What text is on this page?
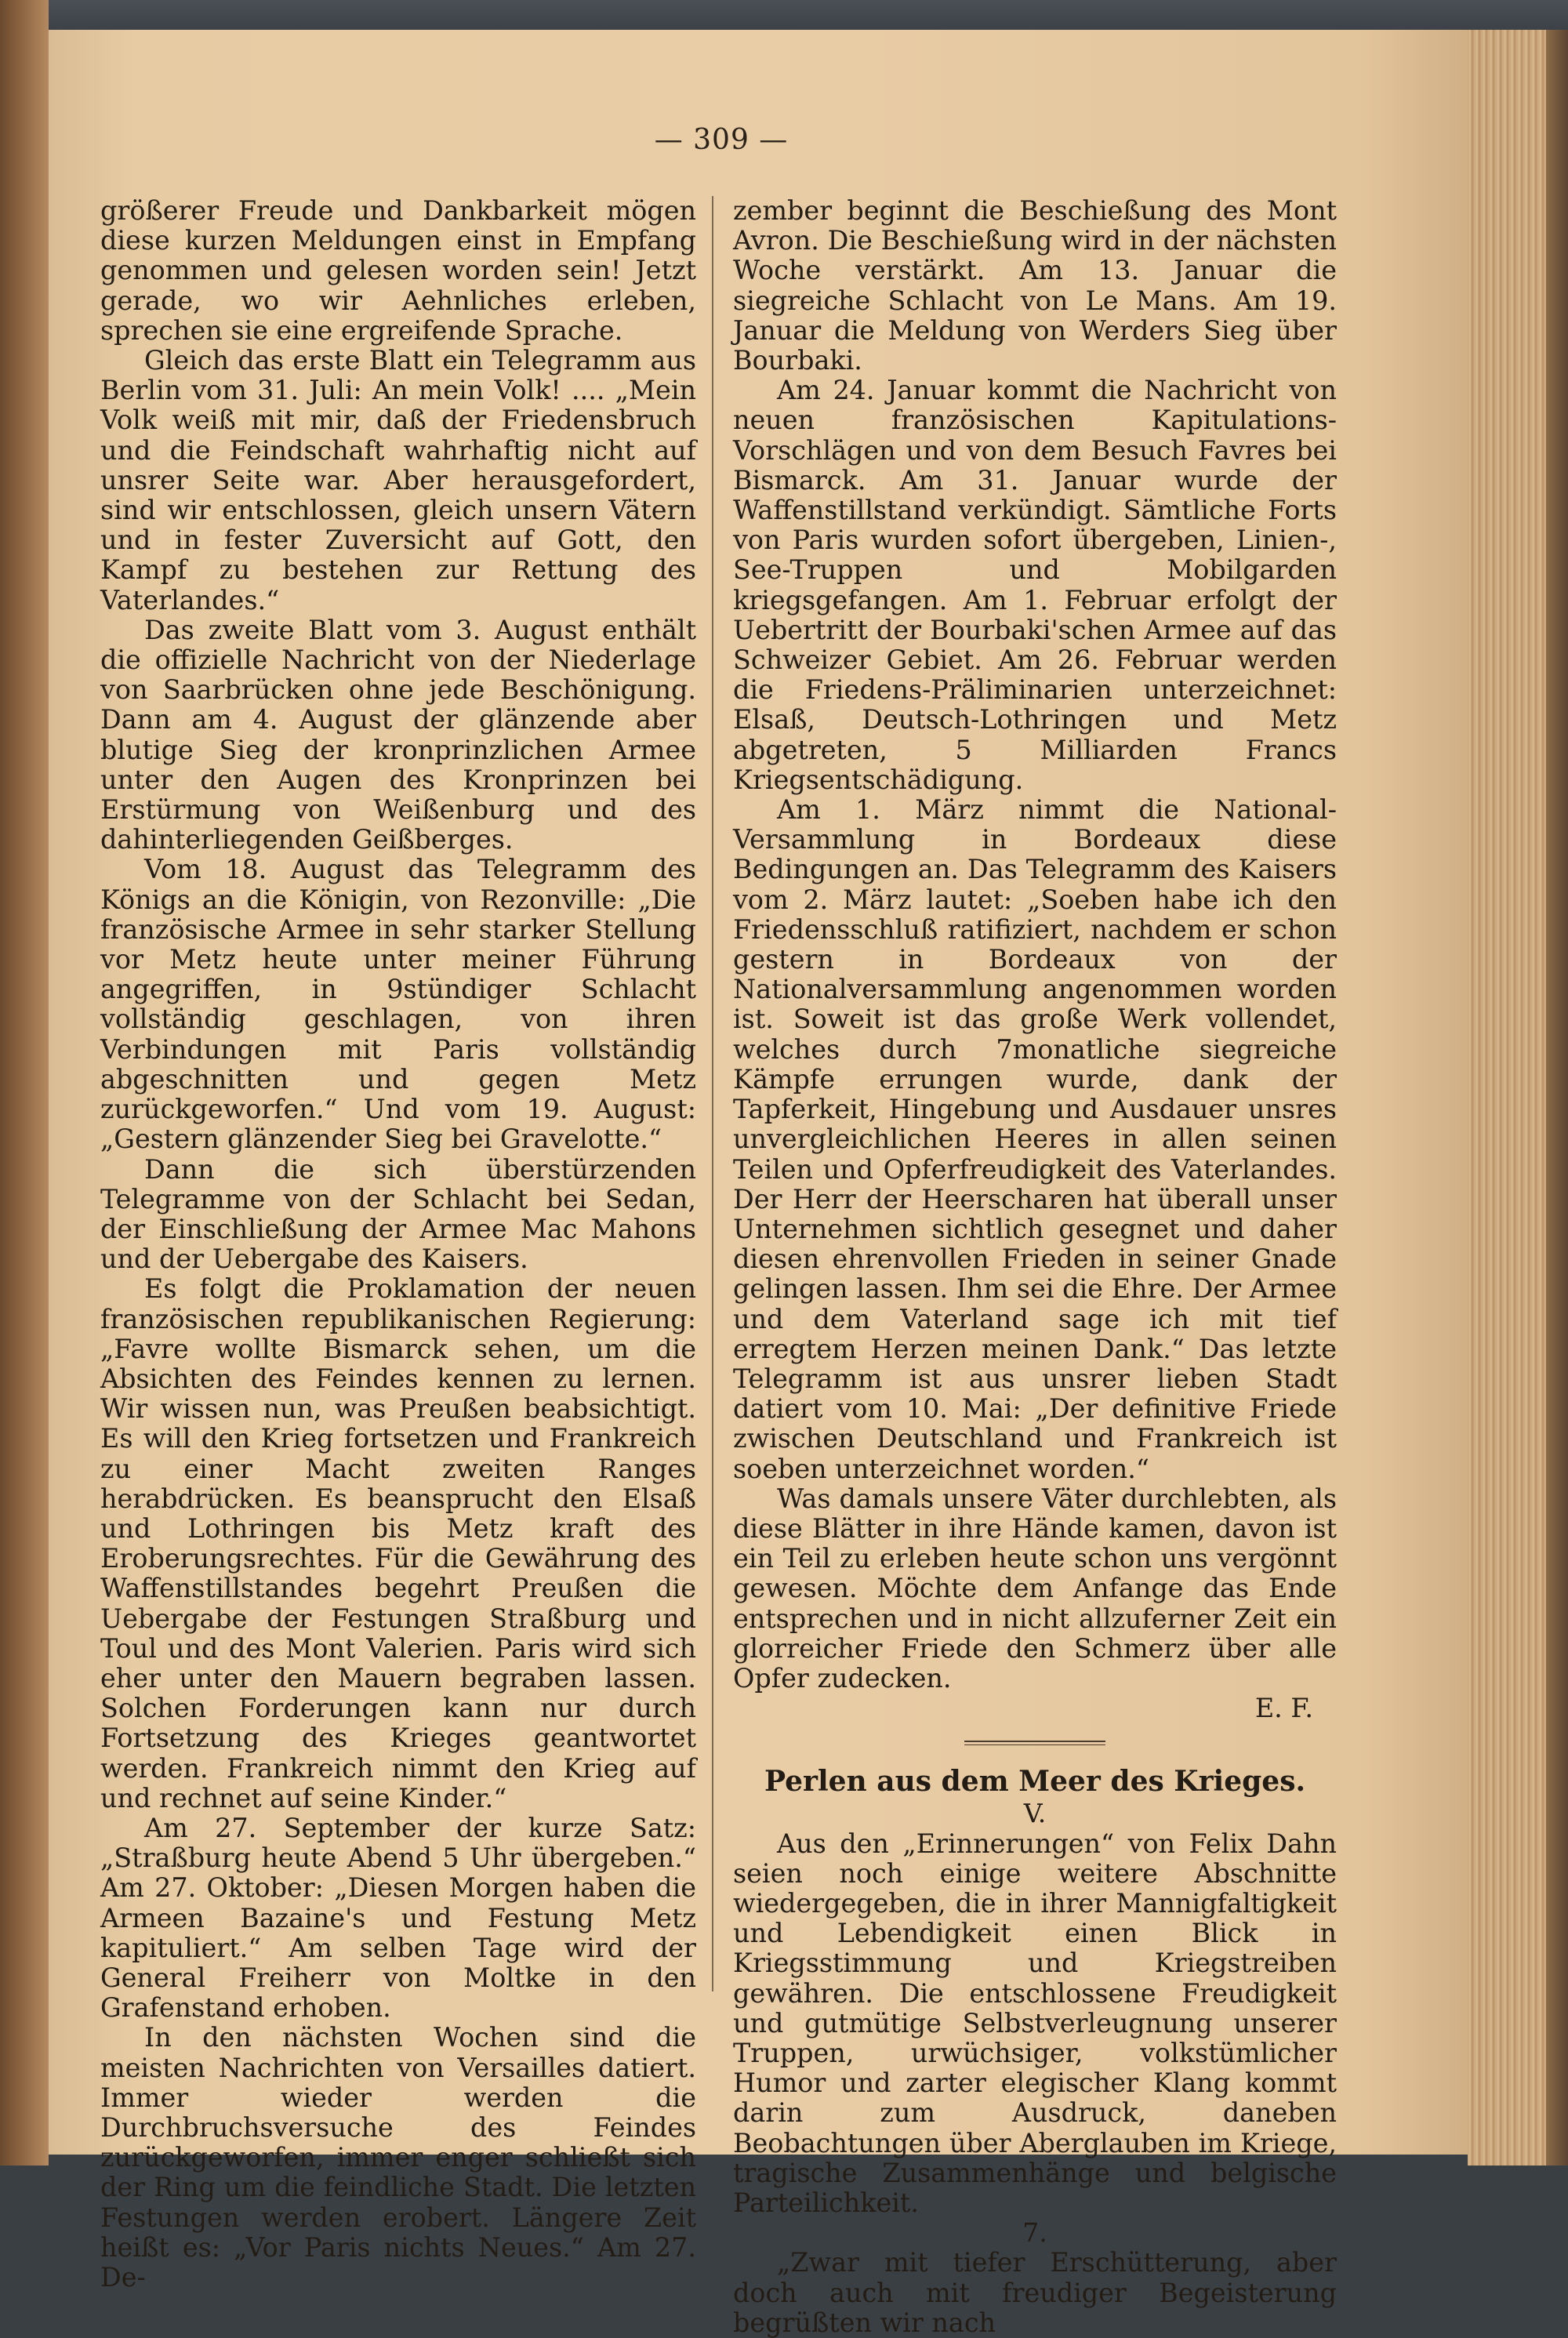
— 309 —

größerer Freude und Dankbarkeit mögen diese kurzen Meldungen einst in Empfang genommen und gelesen worden sein! Jetzt gerade, wo wir Aehnliches erleben, sprechen sie eine ergreifende Sprache.

Gleich das erste Blatt ein Telegramm aus Berlin vom 31. Juli: An mein Volk! .... „Mein Volk weiß mit mir, daß der Friedensbruch und die Feindschaft wahrhaftig nicht auf unsrer Seite war. Aber herausgefordert, sind wir entschlossen, gleich unsern Vätern und in fester Zuversicht auf Gott, den Kampf zu bestehen zur Rettung des Vaterlandes.“

Das zweite Blatt vom 3. August enthält die offizielle Nachricht von der Niederlage von Saarbrücken ohne jede Beschönigung. Dann am 4. August der glänzende aber blutige Sieg der kronprinzlichen Armee unter den Augen des Kronprinzen bei Erstürmung von Weißenburg und des dahinterliegenden Geißberges.

Vom 18. August das Telegramm des Königs an die Königin, von Rezonville: „Die französische Armee in sehr starker Stellung vor Metz heute unter meiner Führung angegriffen, in 9stündiger Schlacht vollständig geschlagen, von ihren Verbindungen mit Paris vollständig abgeschnitten und gegen Metz zurückgeworfen.“ Und vom 19. August: „Gestern glänzender Sieg bei Gravelotte.“

Dann die sich überstürzenden Telegramme von der Schlacht bei Sedan, der Einschließung der Armee Mac Mahons und der Uebergabe des Kaisers.

Es folgt die Proklamation der neuen französischen republikanischen Regierung: „Favre wollte Bismarck sehen, um die Absichten des Feindes kennen zu lernen. Wir wissen nun, was Preußen beabsichtigt. Es will den Krieg fortsetzen und Frankreich zu einer Macht zweiten Ranges herabdrücken. Es beansprucht den Elsaß und Lothringen bis Metz kraft des Eroberungsrechtes. Für die Gewährung des Waffenstillstandes begehrt Preußen die Uebergabe der Festungen Straßburg und Toul und des Mont Valerien. Paris wird sich eher unter den Mauern begraben lassen. Solchen Forderungen kann nur durch Fortsetzung des Krieges geantwortet werden. Frankreich nimmt den Krieg auf und rechnet auf seine Kinder.“

Am 27. September der kurze Satz: „Straßburg heute Abend 5 Uhr übergeben.“ Am 27. Oktober: „Diesen Morgen haben die Armeen Bazaine's und Festung Metz kapituliert.“ Am selben Tage wird der General Freiherr von Moltke in den Grafenstand erhoben.

In den nächsten Wochen sind die meisten Nachrichten von Versailles datiert. Immer wieder werden die Durchbruchsversuche des Feindes zurückgeworfen, immer enger schließt sich der Ring um die feindliche Stadt. Die letzten Festungen werden erobert. Längere Zeit heißt es: „Vor Paris nichts Neues.“ Am 27. De-

zember beginnt die Beschießung des Mont Avron. Die Beschießung wird in der nächsten Woche verstärkt. Am 13. Januar die siegreiche Schlacht von Le Mans. Am 19. Januar die Meldung von Werders Sieg über Bourbaki.

Am 24. Januar kommt die Nachricht von neuen französischen Kapitulations-Vorschlägen und von dem Besuch Favres bei Bismarck. Am 31. Januar wurde der Waffenstillstand verkündigt. Sämtliche Forts von Paris wurden sofort übergeben, Linien-, See-Truppen und Mobilgarden kriegsgefangen. Am 1. Februar erfolgt der Uebertritt der Bourbaki'schen Armee auf das Schweizer Gebiet. Am 26. Februar werden die Friedens-Präliminarien unterzeichnet: Elsaß, Deutsch-Lothringen und Metz abgetreten, 5 Milliarden Francs Kriegsentschädigung.

Am 1. März nimmt die National-Versammlung in Bordeaux diese Bedingungen an. Das Telegramm des Kaisers vom 2. März lautet: „Soeben habe ich den Friedensschluß ratifiziert, nachdem er schon gestern in Bordeaux von der Nationalversammlung angenommen worden ist. Soweit ist das große Werk vollendet, welches durch 7monatliche siegreiche Kämpfe errungen wurde, dank der Tapferkeit, Hingebung und Ausdauer unsres unvergleichlichen Heeres in allen seinen Teilen und Opferfreudigkeit des Vaterlandes. Der Herr der Heerscharen hat überall unser Unternehmen sichtlich gesegnet und daher diesen ehrenvollen Frieden in seiner Gnade gelingen lassen. Ihm sei die Ehre. Der Armee und dem Vaterland sage ich mit tief erregtem Herzen meinen Dank.“ Das letzte Telegramm ist aus unsrer lieben Stadt datiert vom 10. Mai: „Der definitive Friede zwischen Deutschland und Frankreich ist soeben unterzeichnet worden.“

Was damals unsere Väter durchlebten, als diese Blätter in ihre Hände kamen, davon ist ein Teil zu erleben heute schon uns vergönnt gewesen. Möchte dem Anfange das Ende entsprechen und in nicht allzuferner Zeit ein glorreicher Friede den Schmerz über alle Opfer zudecken.

E. F.

Perlen aus dem Meer des Krieges.

V.

Aus den „Erinnerungen“ von Felix Dahn seien noch einige weitere Abschnitte wiedergegeben, die in ihrer Mannigfaltigkeit und Lebendigkeit einen Blick in Kriegsstimmung und Kriegstreiben gewähren. Die entschlossene Freudigkeit und gutmütige Selbstverleugnung unserer Truppen, urwüchsiger, volkstümlicher Humor und zarter elegischer Klang kommt darin zum Ausdruck, daneben Beobachtungen über Aberglauben im Kriege, tragische Zusammenhänge und belgische Parteilichkeit.

7.

„Zwar mit tiefer Erschütterung, aber doch auch mit freudiger Begeisterung begrüßten wir nach
